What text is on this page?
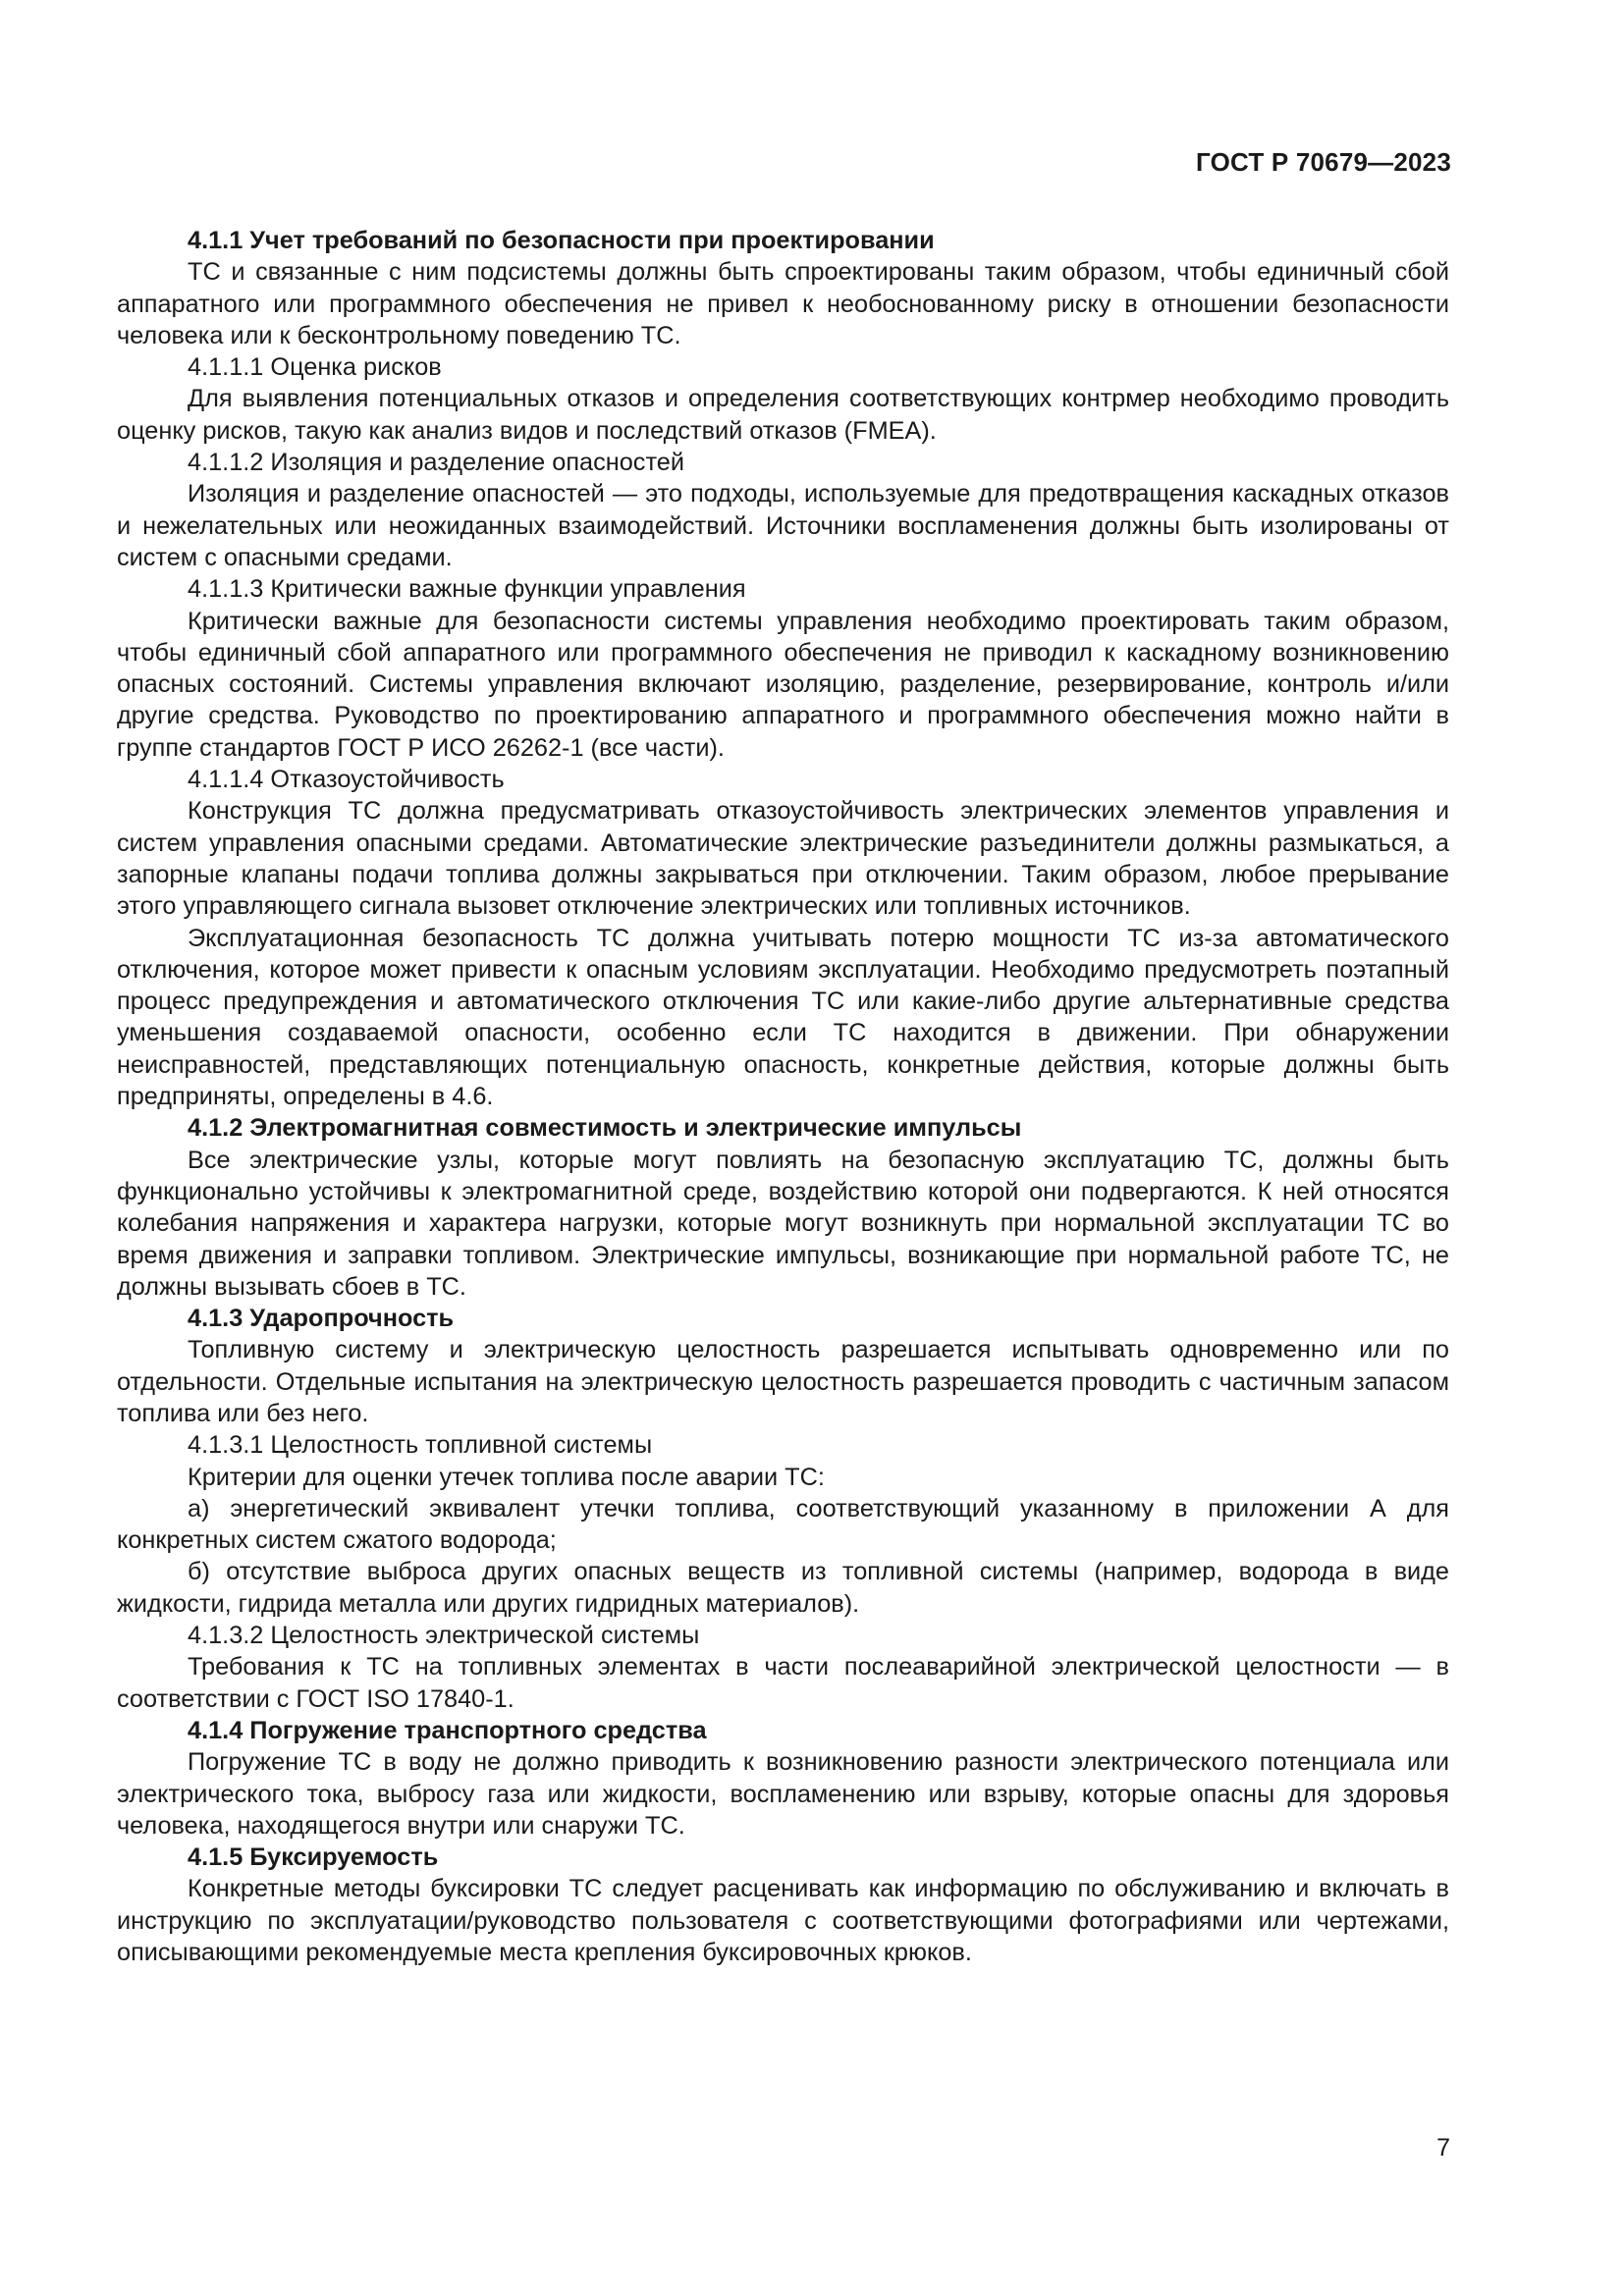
ГОСТ Р 70679—2023

4.1.1 Учет требований по безопасности при проектировании

ТС и связанные с ним подсистемы должны быть спроектированы таким образом, чтобы единичный сбой аппаратного или программного обеспечения не привел к необоснованному риску в отношении безопасности человека или к бесконтрольному поведению ТС.

4.1.1.1 Оценка рисков

Для выявления потенциальных отказов и определения соответствующих контрмер необходимо проводить оценку рисков, такую как анализ видов и последствий отказов (FMEA).

4.1.1.2 Изоляция и разделение опасностей

Изоляция и разделение опасностей — это подходы, используемые для предотвращения каскадных отказов и нежелательных или неожиданных взаимодействий. Источники воспламенения должны быть изолированы от систем с опасными средами.

4.1.1.3 Критически важные функции управления

Критически важные для безопасности системы управления необходимо проектировать таким образом, чтобы единичный сбой аппаратного или программного обеспечения не приводил к каскадному возникновению опасных состояний. Системы управления включают изоляцию, разделение, резервирование, контроль и/или другие средства. Руководство по проектированию аппаратного и программного обеспечения можно найти в группе стандартов ГОСТ Р ИСО 26262-1 (все части).

4.1.1.4 Отказоустойчивость

Конструкция ТС должна предусматривать отказоустойчивость электрических элементов управления и систем управления опасными средами. Автоматические электрические разъединители должны размыкаться, а запорные клапаны подачи топлива должны закрываться при отключении. Таким образом, любое прерывание этого управляющего сигнала вызовет отключение электрических или топливных источников.

Эксплуатационная безопасность ТС должна учитывать потерю мощности ТС из-за автоматического отключения, которое может привести к опасным условиям эксплуатации. Необходимо предусмотреть поэтапный процесс предупреждения и автоматического отключения ТС или какие-либо другие альтернативные средства уменьшения создаваемой опасности, особенно если ТС находится в движении. При обнаружении неисправностей, представляющих потенциальную опасность, конкретные действия, которые должны быть предприняты, определены в 4.6.

4.1.2 Электромагнитная совместимость и электрические импульсы

Все электрические узлы, которые могут повлиять на безопасную эксплуатацию ТС, должны быть функционально устойчивы к электромагнитной среде, воздействию которой они подвергаются. К ней относятся колебания напряжения и характера нагрузки, которые могут возникнуть при нормальной эксплуатации ТС во время движения и заправки топливом. Электрические импульсы, возникающие при нормальной работе ТС, не должны вызывать сбоев в ТС.

4.1.3 Ударопрочность

Топливную систему и электрическую целостность разрешается испытывать одновременно или по отдельности. Отдельные испытания на электрическую целостность разрешается проводить с частичным запасом топлива или без него.

4.1.3.1 Целостность топливной системы

Критерии для оценки утечек топлива после аварии ТС:

а) энергетический эквивалент утечки топлива, соответствующий указанному в приложении А для конкретных систем сжатого водорода;

б) отсутствие выброса других опасных веществ из топливной системы (например, водорода в виде жидкости, гидрида металла или других гидридных материалов).

4.1.3.2 Целостность электрической системы

Требования к ТС на топливных элементах в части послеаварийной электрической целостности — в соответствии с ГОСТ ISO 17840-1.

4.1.4 Погружение транспортного средства

Погружение ТС в воду не должно приводить к возникновению разности электрического потенциала или электрического тока, выбросу газа или жидкости, воспламенению или взрыву, которые опасны для здоровья человека, находящегося внутри или снаружи ТС.

4.1.5 Буксируемость

Конкретные методы буксировки ТС следует расценивать как информацию по обслуживанию и включать в инструкцию по эксплуатации/руководство пользователя с соответствующими фотографиями или чертежами, описывающими рекомендуемые места крепления буксировочных крюков.

7
